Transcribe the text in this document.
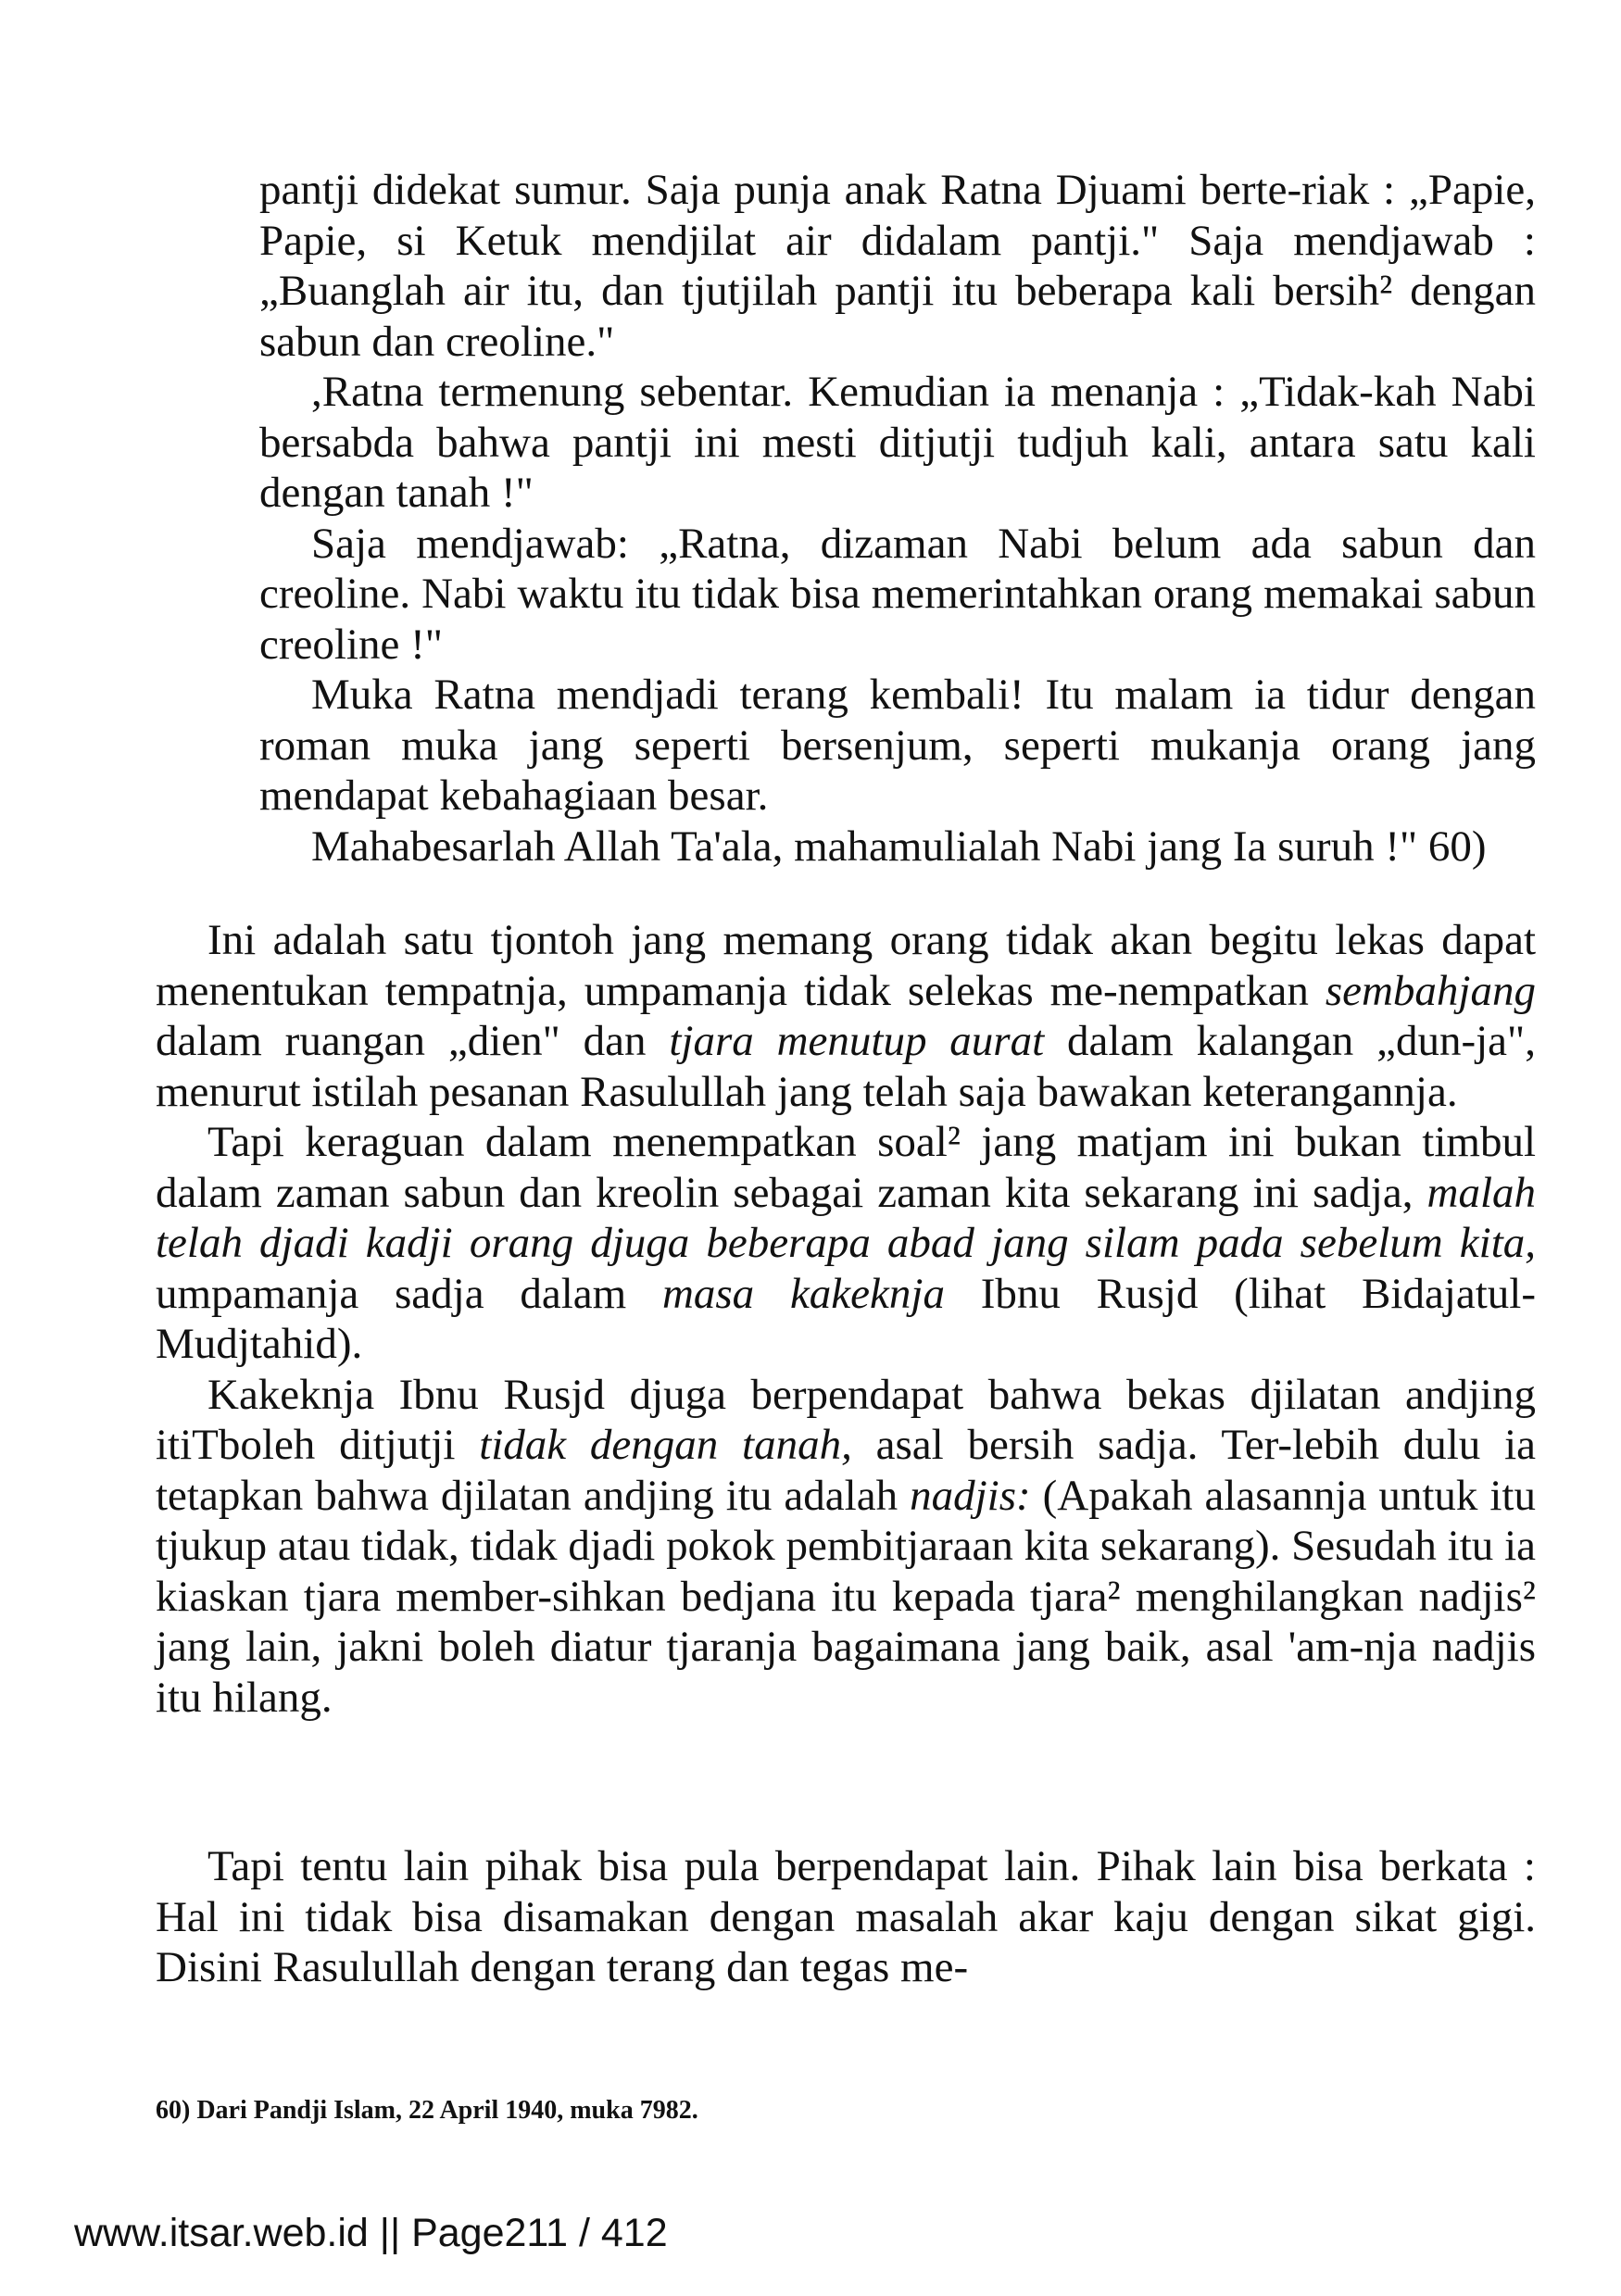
pantji didekat sumur. Saja punja anak Ratna Djuami berte-riak : „Papie, Papie, si Ketuk mendjilat air didalam pantji." Saja mendjawab : „Buanglah air itu, dan tjutjilah pantji itu beberapa kali bersih² dengan sabun dan creoline."

,Ratna termenung sebentar. Kemudian ia menanja : „Tidak-kah Nabi bersabda bahwa pantji ini mesti ditjutji tudjuh kali, antara satu kali dengan tanah !"

Saja mendjawab: „Ratna, dizaman Nabi belum ada sabun dan creoline. Nabi waktu itu tidak bisa memerintahkan orang memakai sabun creoline !"

Muka Ratna mendjadi terang kembali! Itu malam ia tidur dengan roman muka jang seperti bersenjum, seperti mukanja orang jang mendapat kebahagiaan besar.

Mahabesarlah Allah Ta'ala, mahamulialah Nabi jang Ia suruh !" 60)

Ini adalah satu tjontoh jang memang orang tidak akan begitu lekas dapat menentukan tempatnja, umpamanja tidak selekas me-nempatkan sembahjang dalam ruangan „dien" dan tjara menutup aurat dalam kalangan „dun-ja", menurut istilah pesanan Rasulullah jang telah saja bawakan keterangannja.

Tapi keraguan dalam menempatkan soal² jang matjam ini bukan timbul dalam zaman sabun dan kreolin sebagai zaman kita sekarang ini sadja, malah telah djadi kadji orang djuga beberapa abad jang silam pada sebelum kita, umpamanja sadja dalam masa kakeknja Ibnu Rusjd (lihat Bidajatul-Mudjtahid).

Kakeknja Ibnu Rusjd djuga berpendapat bahwa bekas djilatan andjing itiTboleh ditjutji tidak dengan tanah, asal bersih sadja. Ter-lebih dulu ia tetapkan bahwa djilatan andjing itu adalah nadjis: (Apakah alasannja untuk itu tjukup atau tidak, tidak djadi pokok pembitjaraan kita sekarang). Sesudah itu ia kiaskan tjara member-sihkan bedjana itu kepada tjara² menghilangkan nadjis² jang lain, jakni boleh diatur tjaranja bagaimana jang baik, asal 'am-nja nadjis itu hilang.

Tapi tentu lain pihak bisa pula berpendapat lain. Pihak lain bisa berkata : Hal ini tidak bisa disamakan dengan masalah akar kaju dengan sikat gigi. Disini Rasulullah dengan terang dan tegas me-

60) Dari Pandji Islam, 22 April 1940, muka 7982.
www.itsar.web.id || Page211 / 412
